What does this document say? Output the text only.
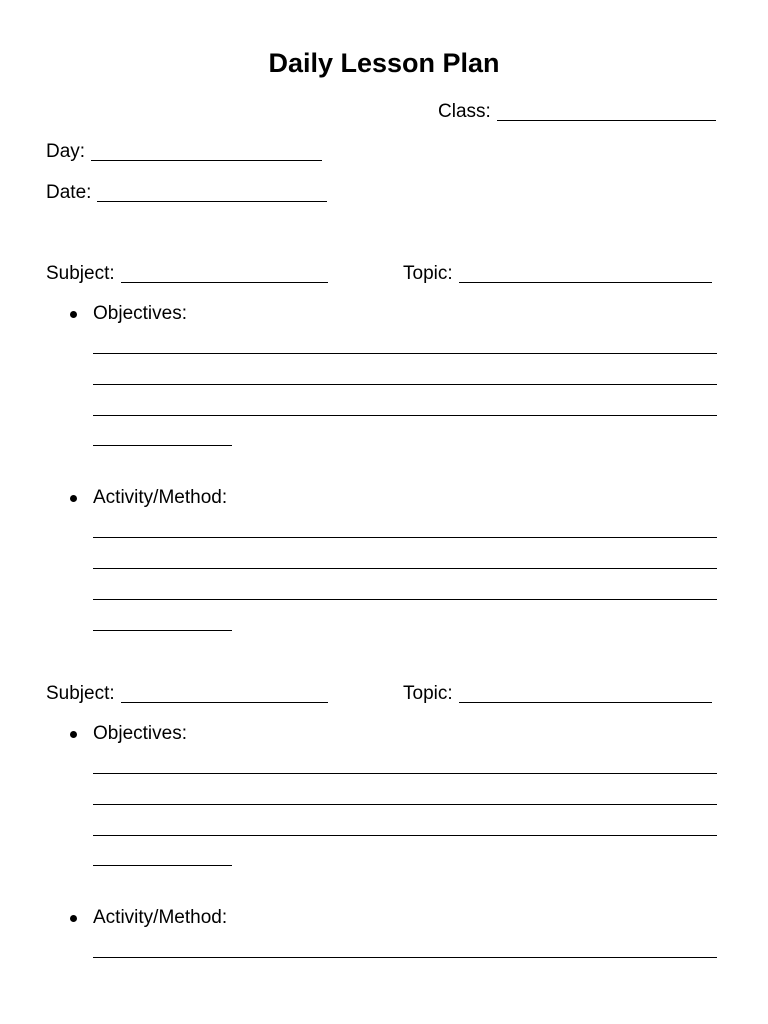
Daily Lesson Plan
Class:
Day:
Date:
Subject:	Topic:
Objectives:
Activity/Method:
Subject:	Topic:
Objectives:
Activity/Method:
